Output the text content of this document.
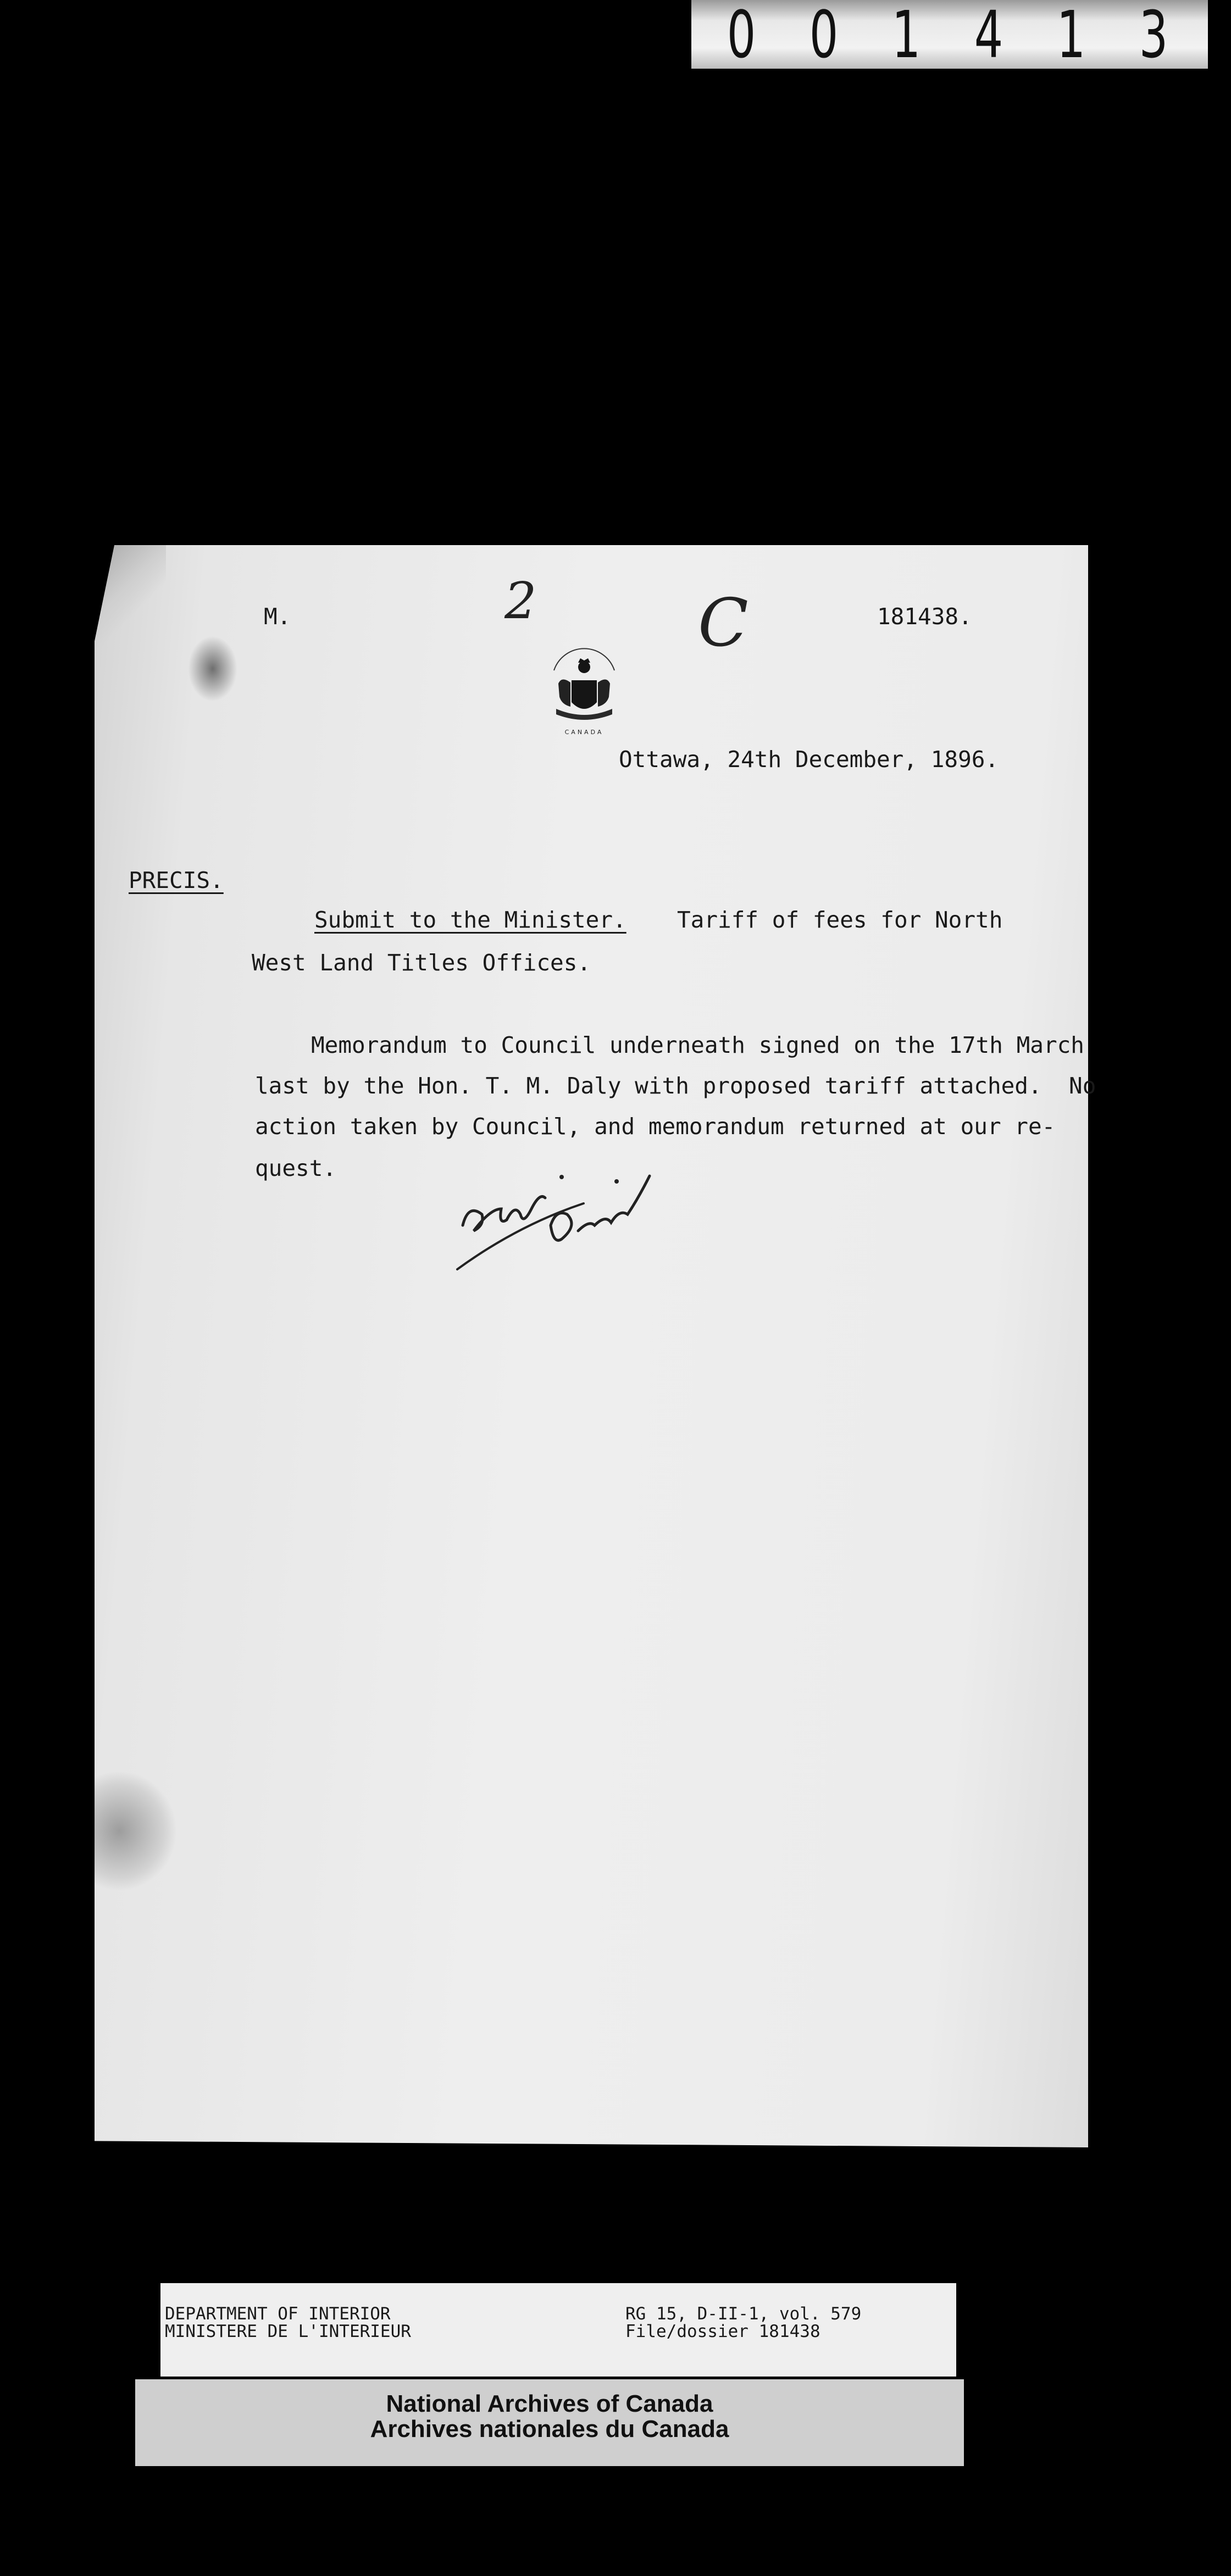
0 0 1 4 1 3
M.	2 C	181438.
CANADA
Ottawa, 24th December, 1896.
PRECIS.
Submit to the Minister. Tariff of fees for North
West Land Titles Offices.
Memorandum to Council underneath signed on the 17th March
last by the Hon. T. M. Daly with proposed tariff attached.  No
action taken by Council, and memorandum returned at our re-
quest.
DEPARTMENT OF INTERIOR
MINISTERE DE L'INTERIEUR
RG 15, D-II-1, vol. 579
File/dossier 181438
National Archives of Canada
Archives nationales du Canada
